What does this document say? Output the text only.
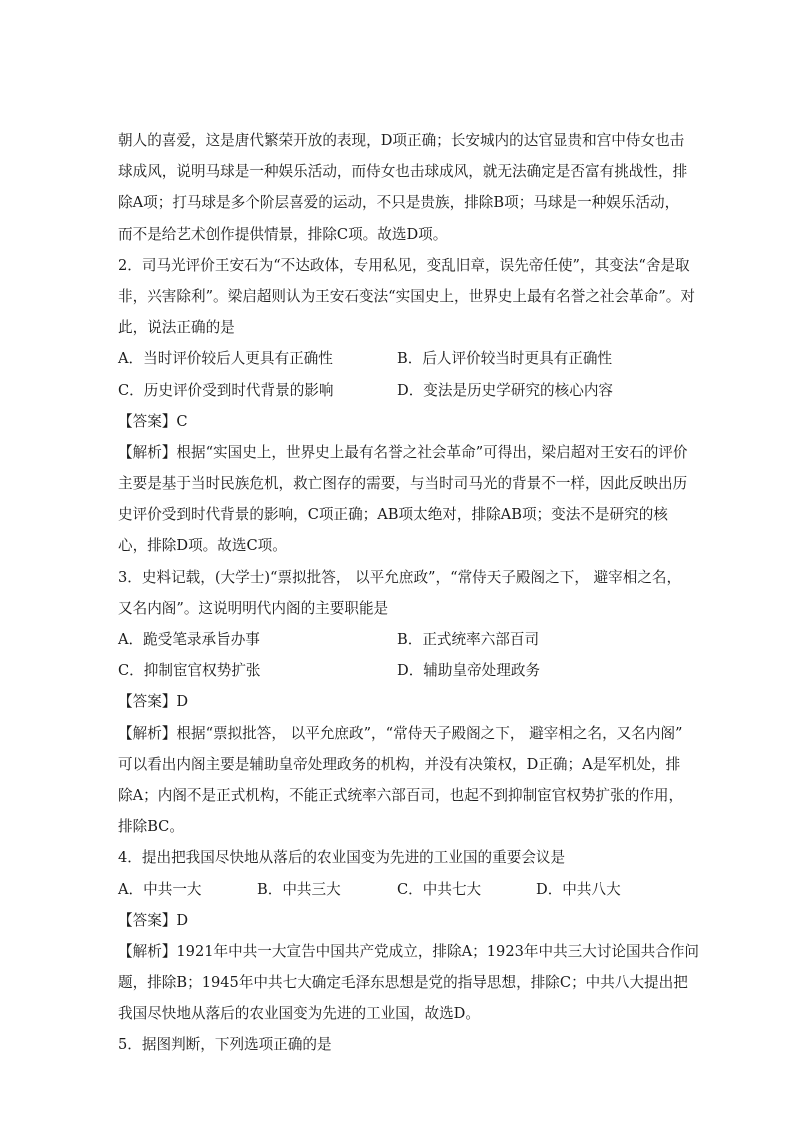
朝人的喜爱，这是唐代繁荣开放的表现，D项正确；长安城内的达官显贵和宫中侍女也击
球成风，说明马球是一种娱乐活动，而侍女也击球成风，就无法确定是否富有挑战性，排
除A项；打马球是多个阶层喜爱的运动，不只是贵族，排除B项；马球是一种娱乐活动，
而不是给艺术创作提供情景，排除C项。故选D项。
2．司马光评价王安石为“不达政体，专用私见，变乱旧章，误先帝任使”，其变法“舍是取
非，兴害除利”。梁启超则认为王安石变法“实国史上，世界史上最有名誉之社会革命”。对
此，说法正确的是
A．当时评价较后人更具有正确性	B．后人评价较当时更具有正确性
C．历史评价受到时代背景的影响	D．变法是历史学研究的核心内容
【答案】C
【解析】根据“实国史上，世界史上最有名誉之社会革命”可得出，梁启超对王安石的评价
主要是基于当时民族危机，救亡图存的需要，与当时司马光的背景不一样，因此反映出历
史评价受到时代背景的影响，C项正确；AB项太绝对，排除AB项；变法不是研究的核
心，排除D项。故选C项。
3．史料记载，(大学士)“票拟批答， 以平允庶政”，“常侍天子殿阁之下， 避宰相之名，
又名内阁”。这说明明代内阁的主要职能是
A．跪受笔录承旨办事	B．正式统率六部百司
C．抑制宦官权势扩张	D．辅助皇帝处理政务
【答案】D
【解析】根据“票拟批答， 以平允庶政”，“常侍天子殿阁之下， 避宰相之名，又名内阁”
可以看出内阁主要是辅助皇帝处理政务的机构，并没有决策权，D正确；A是军机处，排
除A；内阁不是正式机构，不能正式统率六部百司，也起不到抑制宦官权势扩张的作用，
排除BC。
4．提出把我国尽快地从落后的农业国变为先进的工业国的重要会议是
A．中共一大	B．中共三大	C．中共七大	D．中共八大
【答案】D
【解析】1921年中共一大宣告中国共产党成立，排除A；1923年中共三大讨论国共合作问
题，排除B；1945年中共七大确定毛泽东思想是党的指导思想，排除C；中共八大提出把
我国尽快地从落后的农业国变为先进的工业国，故选D。
5．据图判断，下列选项正确的是
